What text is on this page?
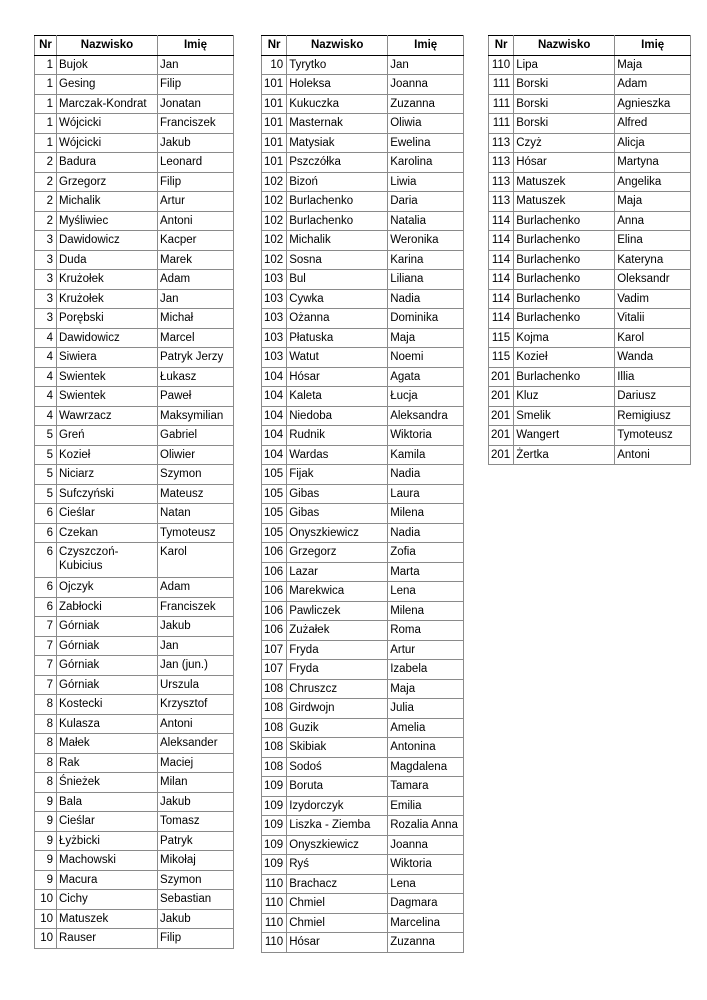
Nr	Nazwisko	Imię
1	Bujok	Jan
1	Gesing	Filip
1	Marczak-Kondrat	Jonatan
1	Wójcicki	Franciszek
1	Wójcicki	Jakub
2	Badura	Leonard
2	Grzegorz	Filip
2	Michalik	Artur
2	Myśliwiec	Antoni
3	Dawidowicz	Kacper
3	Duda	Marek
3	Krużołek	Adam
3	Krużołek	Jan
3	Porębski	Michał
4	Dawidowicz	Marcel
4	Siwiera	Patryk Jerzy
4	Swientek	Łukasz
4	Swientek	Paweł
4	Wawrzacz	Maksymilian
5	Greń	Gabriel
5	Kozieł	Oliwier
5	Niciarz	Szymon
5	Sufczyński	Mateusz
6	Cieślar	Natan
6	Czekan	Tymoteusz
6	Czyszczoń-
Kubicius	Karol
6	Ojczyk	Adam
6	Zabłocki	Franciszek
7	Górniak	Jakub
7	Górniak	Jan
7	Górniak	Jan (jun.)
7	Górniak	Urszula
8	Kostecki	Krzysztof
8	Kulasza	Antoni
8	Małek	Aleksander
8	Rak	Maciej
8	Śnieżek	Milan
9	Bala	Jakub
9	Cieślar	Tomasz
9	Łyżbicki	Patryk
9	Machowski	Mikołaj
9	Macura	Szymon
10	Cichy	Sebastian
10	Matuszek	Jakub
10	Rauser	Filip
Nr	Nazwisko	Imię
10	Tyrytko	Jan
101	Holeksa	Joanna
101	Kukuczka	Zuzanna
101	Masternak	Oliwia
101	Matysiak	Ewelina
101	Pszczółka	Karolina
102	Bizoń	Liwia
102	Burlachenko	Daria
102	Burlachenko	Natalia
102	Michalik	Weronika
102	Sosna	Karina
103	Bul	Liliana
103	Cywka	Nadia
103	Ożanna	Dominika
103	Płatuska	Maja
103	Watut	Noemi
104	Hósar	Agata
104	Kaleta	Łucja
104	Niedoba	Aleksandra
104	Rudnik	Wiktoria
104	Wardas	Kamila
105	Fijak	Nadia
105	Gibas	Laura
105	Gibas	Milena
105	Onyszkiewicz	Nadia
106	Grzegorz	Zofia
106	Lazar	Marta
106	Marekwica	Lena
106	Pawliczek	Milena
106	Zużałek	Roma
107	Fryda	Artur
107	Fryda	Izabela
108	Chruszcz	Maja
108	Girdwojn	Julia
108	Guzik	Amelia
108	Skibiak	Antonina
108	Sodoś	Magdalena
109	Boruta	Tamara
109	Izydorczyk	Emilia
109	Liszka - Ziemba	Rozalia Anna
109	Onyszkiewicz	Joanna
109	Ryś	Wiktoria
110	Brachacz	Lena
110	Chmiel	Dagmara
110	Chmiel	Marcelina
110	Hósar	Zuzanna
Nr	Nazwisko	Imię
110	Lipa	Maja
111	Borski	Adam
111	Borski	Agnieszka
111	Borski	Alfred
113	Czyż	Alicja
113	Hósar	Martyna
113	Matuszek	Angelika
113	Matuszek	Maja
114	Burlachenko	Anna
114	Burlachenko	Elina
114	Burlachenko	Kateryna
114	Burlachenko	Oleksandr
114	Burlachenko	Vadim
114	Burlachenko	Vitalii
115	Kojma	Karol
115	Kozieł	Wanda
201	Burlachenko	Illia
201	Kluz	Dariusz
201	Smelik	Remigiusz
201	Wangert	Tymoteusz
201	Żertka	Antoni
